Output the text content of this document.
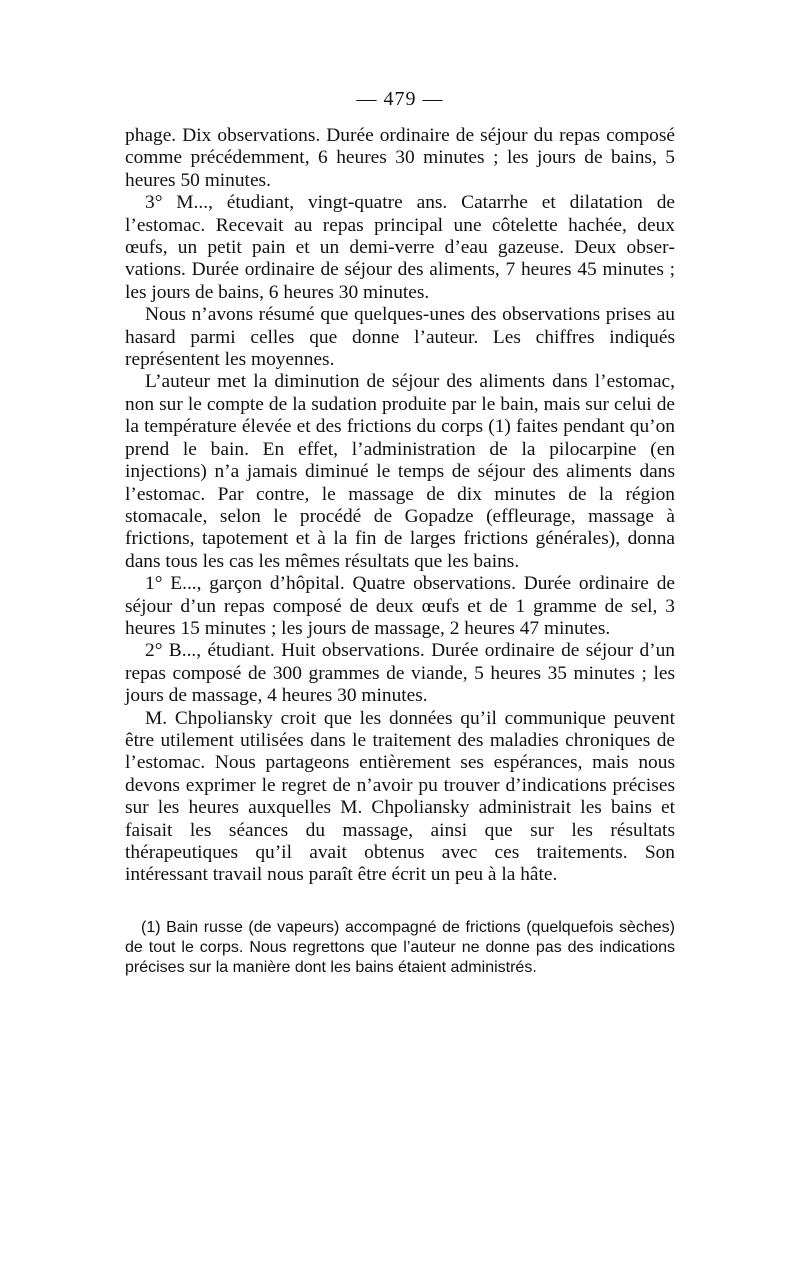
— 479 —

phage. Dix observations. Durée ordinaire de séjour du repas composé comme précédemment, 6 heures 30 minutes ; les jours de bains, 5 heures 50 minutes.

3° M..., étudiant, vingt-quatre ans. Catarrhe et dilatation de l’estomac. Recevait au repas principal une côtelette hachée, deux œufs, un petit pain et un demi-verre d’eau gazeuse. Deux observations. Durée ordinaire de séjour des aliments, 7 heures 45 minutes ; les jours de bains, 6 heures 30 minutes.

Nous n’avons résumé que quelques-unes des observations prises au hasard parmi celles que donne l’auteur. Les chiffres indiqués représentent les moyennes.

L’auteur met la diminution de séjour des aliments dans l’estomac, non sur le compte de la sudation produite par le bain, mais sur celui de la température élevée et des frictions du corps (1) faites pendant qu’on prend le bain. En effet, l’administration de la pilocarpine (en injections) n’a jamais diminué le temps de séjour des aliments dans l’estomac. Par contre, le massage de dix minutes de la région stomacale, selon le procédé de Gopadze (effleurage, massage à frictions, tapotement et à la fin de larges frictions générales), donna dans tous les cas les mêmes résultats que les bains.

1° E..., garçon d’hôpital. Quatre observations. Durée ordinaire de séjour d’un repas composé de deux œufs et de 1 gramme de sel, 3 heures 15 minutes ; les jours de massage, 2 heures 47 minutes.

2° B..., étudiant. Huit observations. Durée ordinaire de séjour d’un repas composé de 300 grammes de viande, 5 heures 35 minutes ; les jours de massage, 4 heures 30 minutes.

M. Chpoliansky croit que les données qu’il communique peuvent être utilement utilisées dans le traitement des maladies chroniques de l’estomac. Nous partageons entièrement ses espérances, mais nous devons exprimer le regret de n’avoir pu trouver d’indications précises sur les heures auxquelles M. Chpoliansky administrait les bains et faisait les séances du massage, ainsi que sur les résultats thérapeutiques qu’il avait obtenus avec ces traitements. Son intéressant travail nous paraît être écrit un peu à la hâte.

(1) Bain russe (de vapeurs) accompagné de frictions (quelquefois sèches) de tout le corps. Nous regrettons que l’auteur ne donne pas des indications précises sur la manière dont les bains étaient administrés.
